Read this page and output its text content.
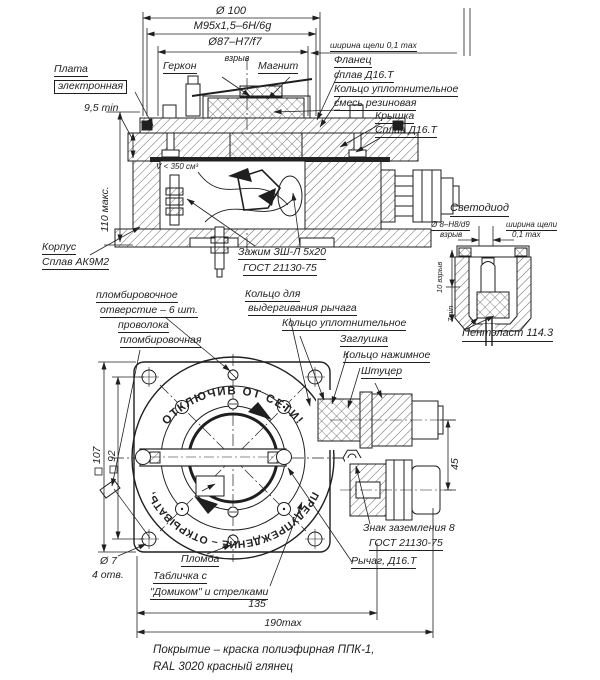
ОТКЛЮЧИВ ОТ СЕТИ!
ПРЕДУПРЕЖДЕНИЕ – ОТКРЫВАТЬ,
Ø 100
M95x1,5–6H/6g
Ø87–H7/f7
взрыв
ширина щели 0,1 max
Плата
электронная
9,5 min
110 макс.
Геркон	Магнит	Фланец
сплав Д16.Т
Кольцо уплотнительное
смесь резиновая
Крышка
Сплав Д16.Т
V < 350 см³
Корпус
Сплав АК9М2
Зажим ЗШ-Л 5х20
ГОСТ 21130-75
Светодиод
Ø 8–H8/d9
взрыв
ширина щели
0,1 max
10 взрыв
7min
Пентэласт 114.3
пломбировочное
отверстие – 6 шт.
проволока
пломбировочная
Кольцо для
выдергивания рычага
Кольцо уплотнительное
Заглушка
Кольцо нажимное
Штуцер
Пломба
Табличка с
"Домиком" и стрелками
Знак заземления 8
ГОСТ 21130-75
Рычаг, Д16.Т
Ø 7
4 отв.
107 92
135
190max
45
Покрытие – краска полиэфирная ППК-1,
RAL 3020 красный глянец
